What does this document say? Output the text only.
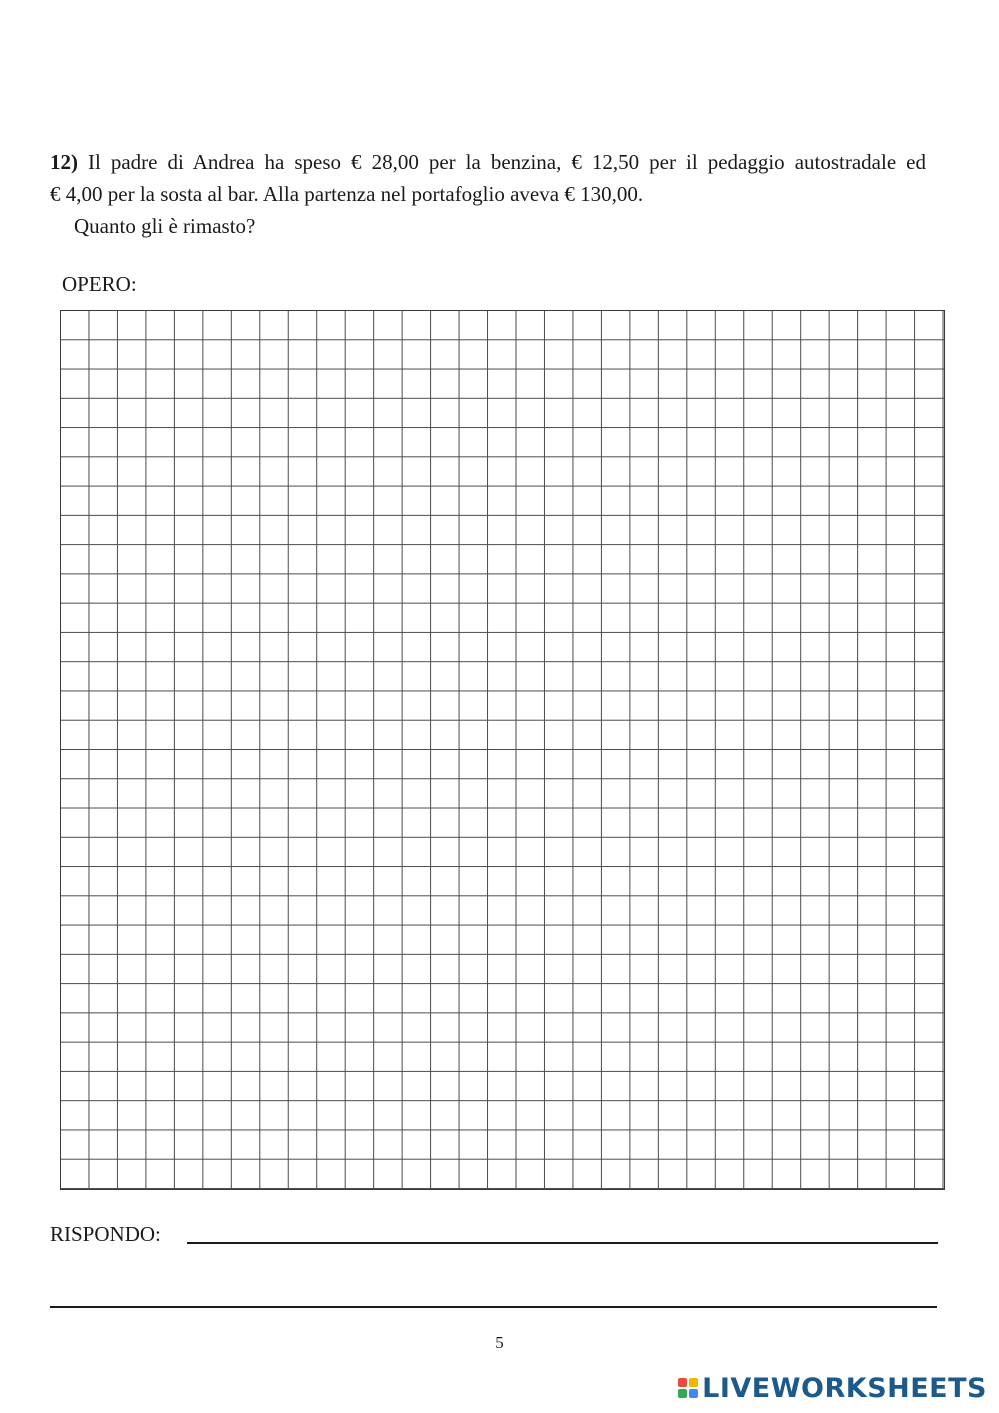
12) Il padre di Andrea ha speso € 28,00 per la benzina, € 12,50 per il pedaggio autostradale ed
€ 4,00 per la sosta al bar. Alla partenza nel portafoglio aveva € 130,00.
Quanto gli è rimasto?
OPERO:
RISPONDO:
5
LIVEWORKSHEETS
